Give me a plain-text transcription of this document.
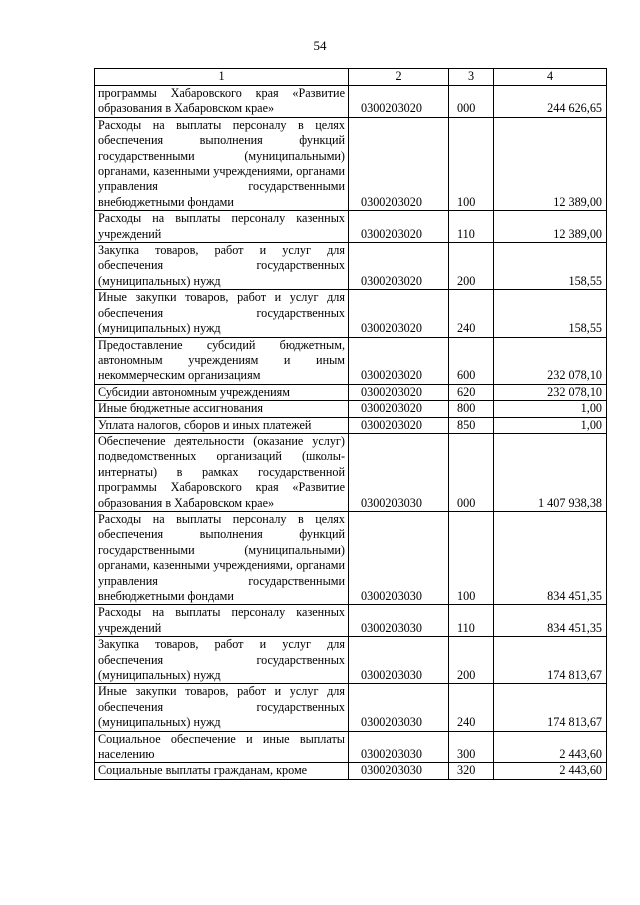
54
1	2	3	4
программы Хабаровского края «Развитие образования в Хабаровском крае»	0300203020	000	244 626,65
Расходы на выплаты персоналу в целях обеспечения выполнения функций государственными (муниципальными) органами, казенными учреждениями, органами управления государственными внебюджетными фондами	0300203020	100	12 389,00
Расходы на выплаты персоналу казенных учреждений	0300203020	110	12 389,00
Закупка товаров, работ и услуг для обеспечения государственных (муниципальных) нужд	0300203020	200	158,55
Иные закупки товаров, работ и услуг для обеспечения государственных (муниципальных) нужд	0300203020	240	158,55
Предоставление субсидий бюджетным, автономным учреждениям и иным некоммерческим организациям	0300203020	600	232 078,10
Субсидии автономным учреждениям	0300203020	620	232 078,10
Иные бюджетные ассигнования	0300203020	800	1,00
Уплата налогов, сборов и иных платежей	0300203020	850	1,00
Обеспечение деятельности (оказание услуг) подведомственных организаций (школы-интернаты) в рамках государственной программы Хабаровского края «Развитие образования в Хабаровском крае»	0300203030	000	1 407 938,38
Расходы на выплаты персоналу в целях обеспечения выполнения функций государственными (муниципальными) органами, казенными учреждениями, органами управления государственными внебюджетными фондами	0300203030	100	834 451,35
Расходы на выплаты персоналу казенных учреждений	0300203030	110	834 451,35
Закупка товаров, работ и услуг для обеспечения государственных (муниципальных) нужд	0300203030	200	174 813,67
Иные закупки товаров, работ и услуг для обеспечения государственных (муниципальных) нужд	0300203030	240	174 813,67
Социальное обеспечение и иные выплаты населению	0300203030	300	2 443,60
Социальные выплаты гражданам, кроме	0300203030	320	2 443,60
